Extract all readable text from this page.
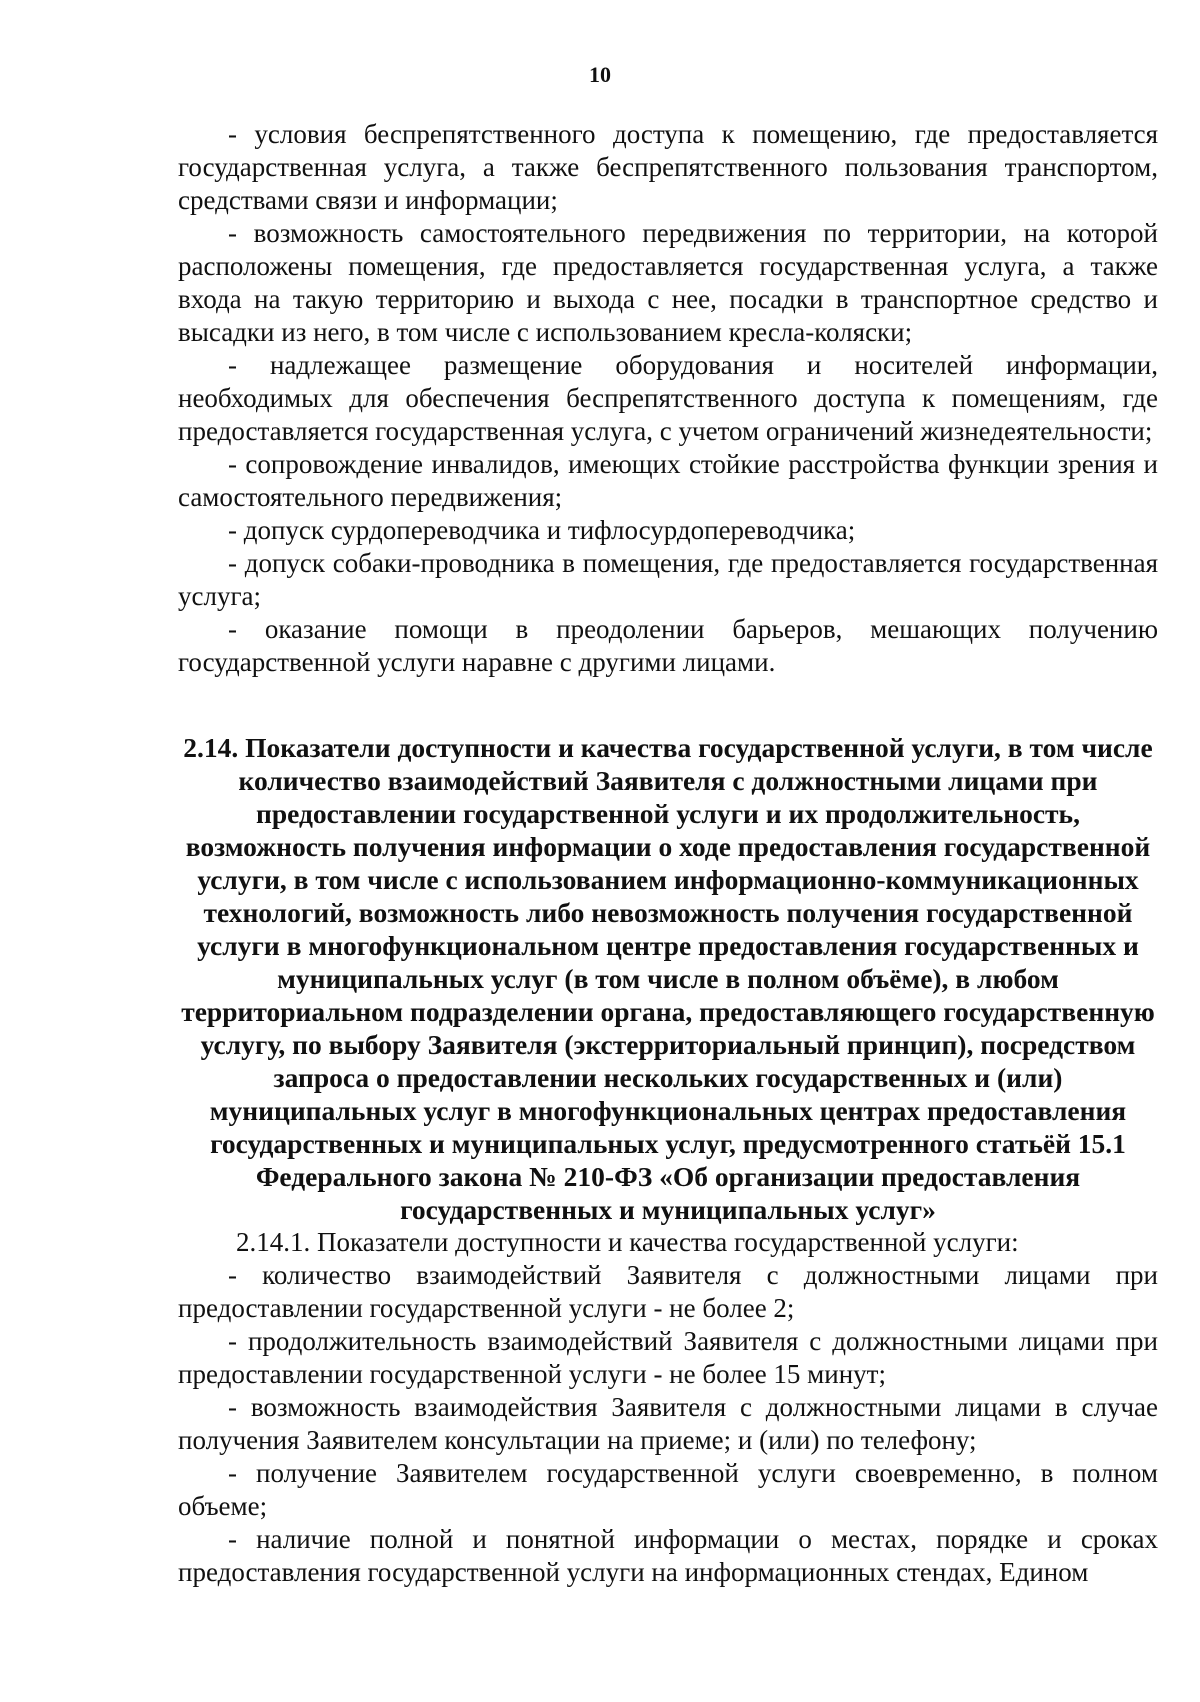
10

- условия беспрепятственного доступа к помещению, где предоставляется государственная услуга, а также беспрепятственного пользования транспортом, средствами связи и информации;

- возможность самостоятельного передвижения по территории, на которой расположены помещения, где предоставляется государственная услуга, а также входа на такую территорию и выхода с нее, посадки в транспортное средство и высадки из него, в том числе с использованием кресла-коляски;

- надлежащее размещение оборудования и носителей информации, необходимых для обеспечения беспрепятственного доступа к помещениям, где предоставляется государственная услуга, с учетом ограничений жизнедеятельности;

- сопровождение инвалидов, имеющих стойкие расстройства функции зрения и самостоятельного передвижения;

- допуск сурдопереводчика и тифлосурдопереводчика;

- допуск собаки-проводника в помещения, где предоставляется государственная услуга;

- оказание помощи в преодолении барьеров, мешающих получению государственной услуги наравне с другими лицами.

2.14. Показатели доступности и качества государственной услуги, в том числе количество взаимодействий Заявителя с должностными лицами при предоставлении государственной услуги и их продолжительность, возможность получения информации о ходе предоставления государственной услуги, в том числе с использованием информационно-коммуникационных технологий, возможность либо невозможность получения государственной услуги в многофункциональном центре предоставления государственных и муниципальных услуг (в том числе в полном объёме), в любом территориальном подразделении органа, предоставляющего государственную услугу, по выбору Заявителя (экстерриториальный принцип), посредством запроса о предоставлении нескольких государственных и (или) муниципальных услуг в многофункциональных центрах предоставления государственных и муниципальных услуг, предусмотренного статьёй 15.1 Федерального закона № 210-ФЗ «Об организации предоставления государственных и муниципальных услуг»

2.14.1. Показатели доступности и качества государственной услуги:

- количество взаимодействий Заявителя с должностными лицами при предоставлении государственной услуги - не более 2;

- продолжительность взаимодействий Заявителя с должностными лицами при предоставлении государственной услуги - не более 15 минут;

- возможность взаимодействия Заявителя с должностными лицами в случае получения Заявителем консультации на приеме; и (или) по телефону;

- получение Заявителем государственной услуги своевременно, в полном объеме;

- наличие полной и понятной информации о местах, порядке и сроках предоставления государственной услуги на информационных стендах, Едином
